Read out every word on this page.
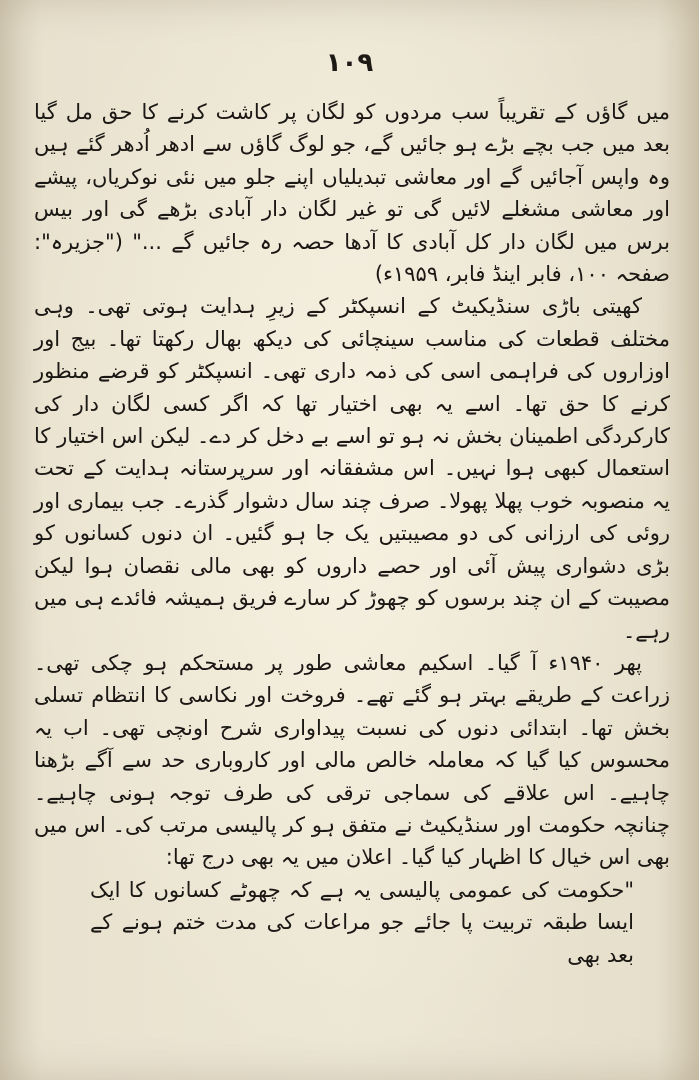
۱۰۹

میں گاؤں کے تقریباً سب مردوں کو لگان پر کاشت کرنے کا حق مل گیا بعد میں جب بچے بڑے ہو جائیں گے، جو لوگ گاؤں سے ادھر اُدھر گئے ہیں وہ واپس آجائیں گے اور معاشی تبدیلیاں اپنے جلو میں نئی نوکریاں، پیشے اور معاشی مشغلے لائیں گی تو غیر لگان دار آبادی بڑھے گی اور بیس برس میں لگان دار کل آبادی کا آدھا حصہ رہ جائیں گے ..." ("جزیرہ": صفحہ ۱۰۰، فابر اینڈ فابر، ۱۹۵۹ء)

کھیتی باڑی سنڈیکیٹ کے انسپکٹر کے زیرِ ہدایت ہوتی تھی۔ وہی مختلف قطعات کی مناسب سینچائی کی دیکھ بھال رکھتا تھا۔ بیج اور اوزاروں کی فراہمی اسی کی ذمہ داری تھی۔ انسپکٹر کو قرضے منظور کرنے کا حق تھا۔ اسے یہ بھی اختیار تھا کہ اگر کسی لگان دار کی کارکردگی اطمینان بخش نہ ہو تو اسے بے دخل کر دے۔ لیکن اس اختیار کا استعمال کبھی ہوا نہیں۔ اس مشفقانہ اور سرپرستانہ ہدایت کے تحت یہ منصوبہ خوب پھلا پھولا۔ صرف چند سال دشوار گذرے۔ جب بیماری اور روئی کی ارزانی کی دو مصیبتیں یک جا ہو گئیں۔ ان دنوں کسانوں کو بڑی دشواری پیش آئی اور حصے داروں کو بھی مالی نقصان ہوا لیکن مصیبت کے ان چند برسوں کو چھوڑ کر سارے فریق ہمیشہ فائدے ہی میں رہے۔

پھر ۱۹۴۰ء آ گیا۔ اسکیم معاشی طور پر مستحکم ہو چکی تھی۔ زراعت کے طریقے بہتر ہو گئے تھے۔ فروخت اور نکاسی کا انتظام تسلی بخش تھا۔ ابتدائی دنوں کی نسبت پیداواری شرح اونچی تھی۔ اب یہ محسوس کیا گیا کہ معاملہ خالص مالی اور کاروباری حد سے آگے بڑھنا چاہیے۔ اس علاقے کی سماجی ترقی کی طرف توجہ ہونی چاہیے۔ چنانچہ حکومت اور سنڈیکیٹ نے متفق ہو کر پالیسی مرتب کی۔ اس میں بھی اس خیال کا اظہار کیا گیا۔ اعلان میں یہ بھی درج تھا:

"حکومت کی عمومی پالیسی یہ ہے کہ چھوٹے کسانوں کا ایک ایسا طبقہ تربیت پا جائے جو مراعات کی مدت ختم ہونے کے بعد بھی
